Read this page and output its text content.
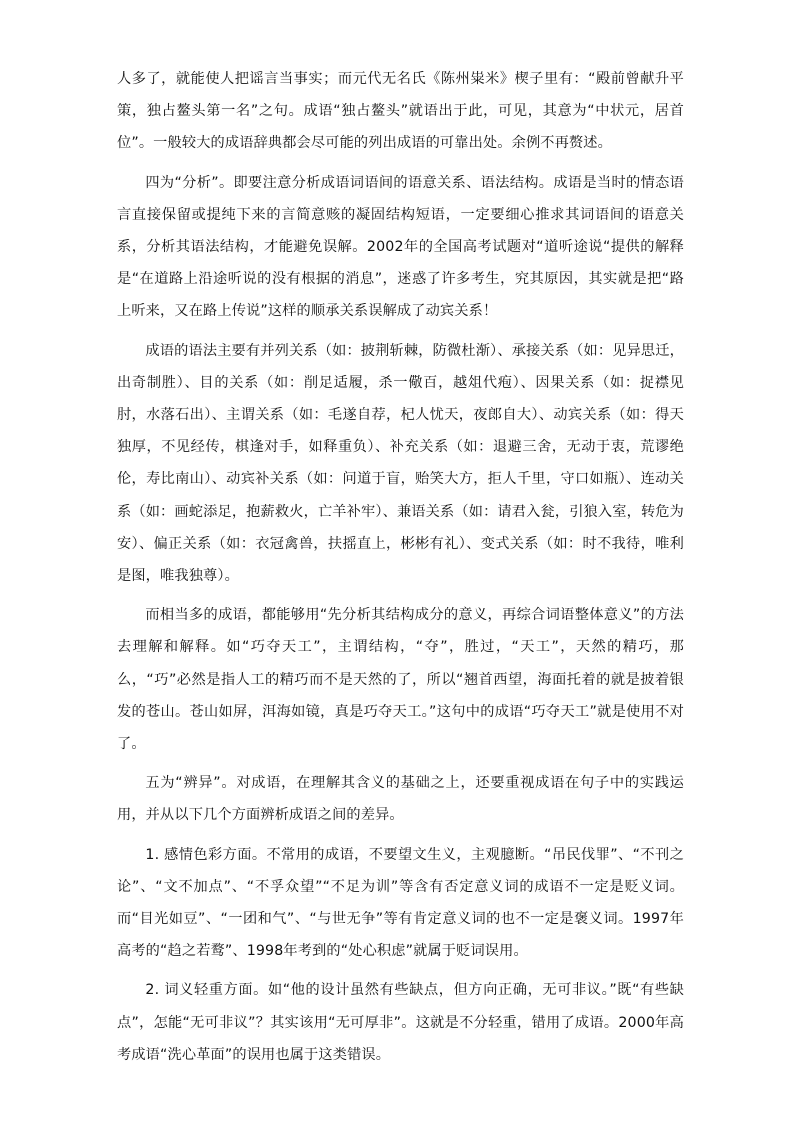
人多了，就能使人把谣言当事实；而元代无名氏《陈州粜米》楔子里有：“殿前曾献升平策，独占鳌头第一名”之句。成语“独占鳌头”就语出于此，可见，其意为“中状元，居首位”。一般较大的成语辞典都会尽可能的列出成语的可靠出处。余例不再赘述。

四为“分析”。即要注意分析成语词语间的语意关系、语法结构。成语是当时的情态语言直接保留或提纯下来的言简意赅的凝固结构短语，一定要细心推求其词语间的语意关系，分析其语法结构，才能避免误解。2002年的全国高考试题对“道听途说“提供的解释是“在道路上沿途听说的没有根据的消息”，迷惑了许多考生，究其原因，其实就是把“路上听来，又在路上传说”这样的顺承关系误解成了动宾关系！

成语的语法主要有并列关系（如：披荆斩棘，防微杜渐）、承接关系（如：见异思迁，出奇制胜）、目的关系（如：削足适履，杀一儆百，越俎代疱）、因果关系（如：捉襟见肘，水落石出）、主谓关系（如：毛遂自荐，杞人忧天，夜郎自大）、动宾关系（如：得天独厚，不见经传，棋逢对手，如释重负）、补充关系（如：退避三舍，无动于衷，荒谬绝伦，寿比南山）、动宾补关系（如：问道于盲，贻笑大方，拒人千里，守口如瓶）、连动关系（如：画蛇添足，抱薪救火，亡羊补牢）、兼语关系（如：请君入瓮，引狼入室，转危为安）、偏正关系（如：衣冠禽兽，扶摇直上，彬彬有礼）、变式关系（如：时不我待，唯利是图，唯我独尊）。

而相当多的成语，都能够用“先分析其结构成分的意义，再综合词语整体意义”的方法去理解和解释。如“巧夺天工”，主谓结构，“夺”，胜过，“天工”，天然的精巧，那么，“巧”必然是指人工的精巧而不是天然的了，所以“翘首西望，海面托着的就是披着银发的苍山。苍山如屏，洱海如镜，真是巧夺天工。”这句中的成语“巧夺天工”就是使用不对了。

五为“辨异”。对成语，在理解其含义的基础之上，还要重视成语在句子中的实践运用，并从以下几个方面辨析成语之间的差异。

1. 感情色彩方面。不常用的成语，不要望文生义，主观臆断。“吊民伐罪”、“不刊之论”、“文不加点”、“不孚众望”“不足为训”等含有否定意义词的成语不一定是贬义词。而“目光如豆”、“一团和气”、“与世无争”等有肯定意义词的也不一定是褒义词。1997年高考的“趋之若鹜”、1998年考到的“处心积虑”就属于贬词误用。

2. 词义轻重方面。如“他的设计虽然有些缺点，但方向正确，无可非议。”既“有些缺点”，怎能“无可非议”？其实该用“无可厚非”。这就是不分轻重，错用了成语。2000年高考成语“洗心革面”的误用也属于这类错误。
